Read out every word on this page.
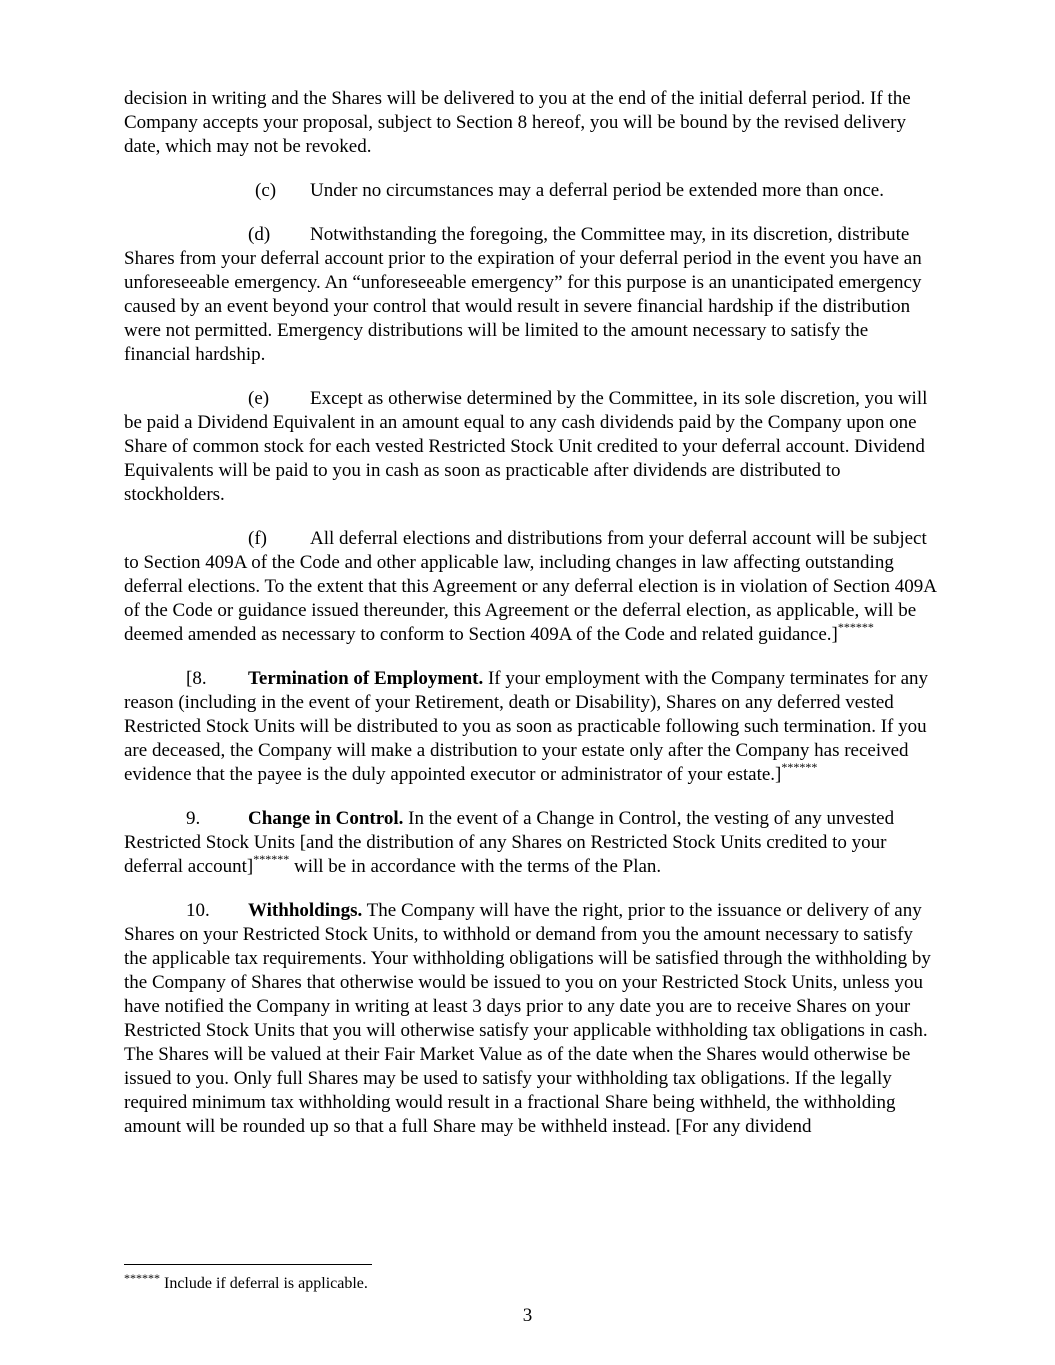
decision in writing and the Shares will be delivered to you at the end of the initial deferral period. If the Company accepts your proposal, subject to Section 8 hereof, you will be bound by the revised delivery date, which may not be revoked.

(c) Under no circumstances may a deferral period be extended more than once.

(d) Notwithstanding the foregoing, the Committee may, in its discretion, distribute Shares from your deferral account prior to the expiration of your deferral period in the event you have an unforeseeable emergency. An “unforeseeable emergency” for this purpose is an unanticipated emergency caused by an event beyond your control that would result in severe financial hardship if the distribution were not permitted. Emergency distributions will be limited to the amount necessary to satisfy the financial hardship.

(e) Except as otherwise determined by the Committee, in its sole discretion, you will be paid a Dividend Equivalent in an amount equal to any cash dividends paid by the Company upon one Share of common stock for each vested Restricted Stock Unit credited to your deferral account. Dividend Equivalents will be paid to you in cash as soon as practicable after dividends are distributed to stockholders.

(f) All deferral elections and distributions from your deferral account will be subject to Section 409A of the Code and other applicable law, including changes in law affecting outstanding deferral elections. To the extent that this Agreement or any deferral election is in violation of Section 409A of the Code or guidance issued thereunder, this Agreement or the deferral election, as applicable, will be deemed amended as necessary to conform to Section 409A of the Code and related guidance.]******

[8. Termination of Employment. If your employment with the Company terminates for any reason (including in the event of your Retirement, death or Disability), Shares on any deferred vested Restricted Stock Units will be distributed to you as soon as practicable following such termination. If you are deceased, the Company will make a distribution to your estate only after the Company has received evidence that the payee is the duly appointed executor or administrator of your estate.]******

9.	Change in Control. In the event of a Change in Control, the vesting of any unvested Restricted Stock Units [and the distribution of any Shares on Restricted Stock Units credited to your deferral account]****** will be in accordance with the terms of the Plan.

10. Withholdings. The Company will have the right, prior to the issuance or delivery of any Shares on your Restricted Stock Units, to withhold or demand from you the amount necessary to satisfy the applicable tax requirements. Your withholding obligations will be satisfied through the withholding by the Company of Shares that otherwise would be issued to you on your Restricted Stock Units, unless you have notified the Company in writing at least 3 days prior to any date you are to receive Shares on your Restricted Stock Units that you will otherwise satisfy your applicable withholding tax obligations in cash. The Shares will be valued at their Fair Market Value as of the date when the Shares would otherwise be issued to you. Only full Shares may be used to satisfy your withholding tax obligations. If the legally required minimum tax withholding would result in a fractional Share being withheld, the withholding amount will be rounded up so that a full Share may be withheld instead. [For any dividend

****** Include if deferral is applicable.
3
